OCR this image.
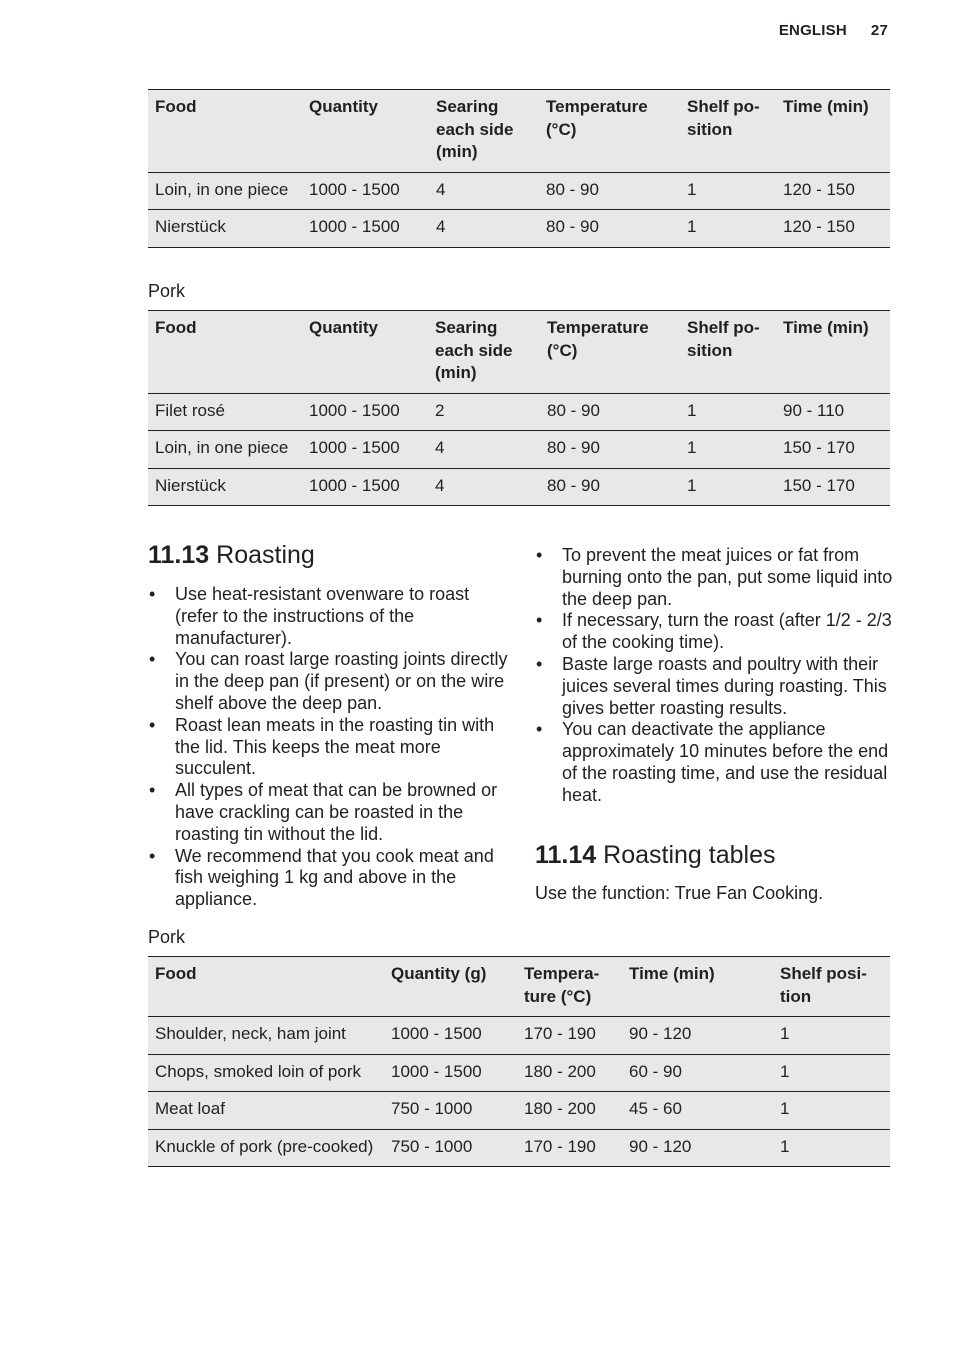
ENGLISH 27
Food	Quantity	Searing each side (min)	Temperature (°C)	Shelf po-sition	Time (min)
Loin, in one piece	1000 - 1500	4	80 - 90	1	120 - 150
Nierstück	1000 - 1500	4	80 - 90	1	120 - 150
Pork
Food	Quantity	Searing each side (min)	Temperature (°C)	Shelf po-sition	Time (min)
Filet rosé	1000 - 1500	2	80 - 90	1	90 - 110
Loin, in one piece	1000 - 1500	4	80 - 90	1	150 - 170
Nierstück	1000 - 1500	4	80 - 90	1	150 - 170
11.13 Roasting
• Use heat-resistant ovenware to roast (refer to the instructions of the manufacturer).
• You can roast large roasting joints directly in the deep pan (if present) or on the wire shelf above the deep pan.
• Roast lean meats in the roasting tin with the lid. This keeps the meat more succulent.
• All types of meat that can be browned or have crackling can be roasted in the roasting tin without the lid.
• We recommend that you cook meat and fish weighing 1 kg and above in the appliance.
• To prevent the meat juices or fat from burning onto the pan, put some liquid into the deep pan.
• If necessary, turn the roast (after 1/2 - 2/3 of the cooking time).
• Baste large roasts and poultry with their juices several times during roasting. This gives better roasting results.
• You can deactivate the appliance approximately 10 minutes before the end of the roasting time, and use the residual heat.
11.14 Roasting tables

Use the function: True Fan Cooking.

Pork
Food	Quantity (g)	Tempera-ture (°C)	Time (min)	Shelf posi-tion
Shoulder, neck, ham joint	1000 - 1500	170 - 190	90 - 120	1
Chops, smoked loin of pork	1000 - 1500	180 - 200	60 - 90	1
Meat loaf	750 - 1000	180 - 200	45 - 60	1
Knuckle of pork (pre-cooked)	750 - 1000	170 - 190	90 - 120	1
